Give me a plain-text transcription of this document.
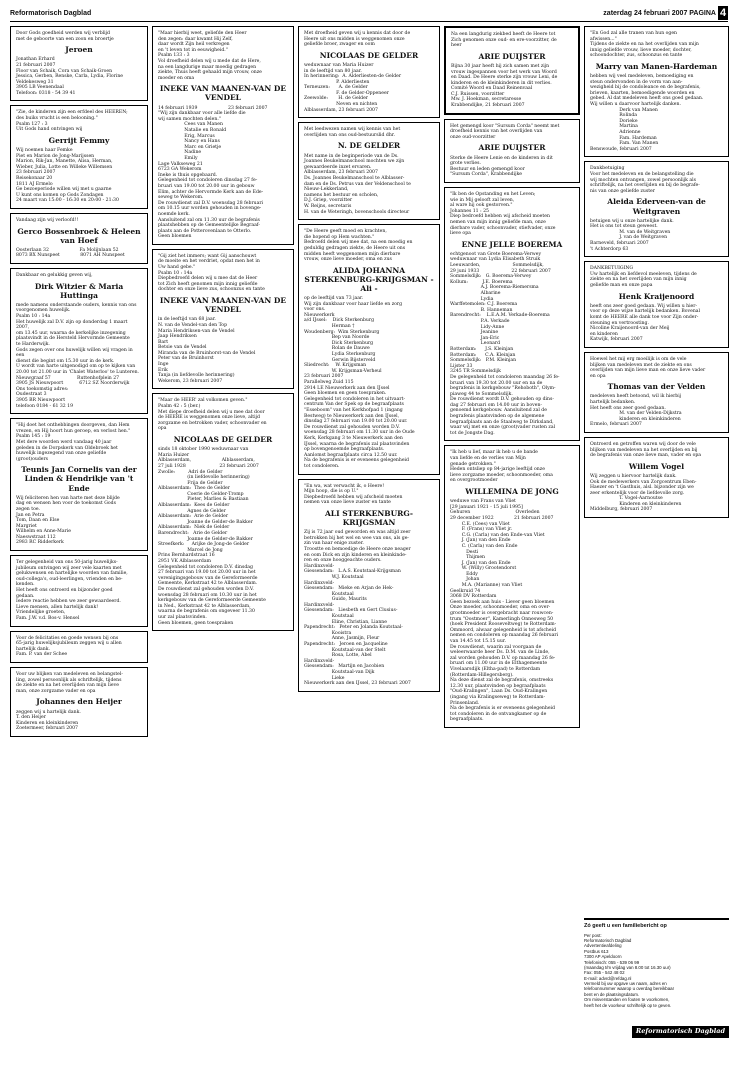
Reformatorisch Dagblad	zaterdag 24 februari 2007 PAGINA 4
Door Gods goedheid werden wij verblijd
met de geboorte van een zoon en broertje
Jeroen
Jonathan Erhard
21 februari 2007
Floor van Schaik, Cora van Schaik-Groen
Jessica, Gerben, Renske, Carla, Lydia, Florine
Veldekesweg 31
3905 LB Veenendaal
Telefoon: 0318 - 54 39 41
"Zie, de kinderen zijn een erfdeel des HEEREN;
des buiks vrucht is een belooning."
Psalm 127 : 3
Uit Gods hand ontvingen wij
Gerrijt Femmy
Wij noemen haar Femke
Piet en Marion de Jong-Marijssen
Marion, Rik-Jan, Manette, Alisa, Herman,
Wieber, Julia, Lotte en Willeke Willemsen
23 februari 2007
Reisekonaar 20
1811 AJ Ermelo
Ge bezoeperiode willen wij met u gaarne
U kunt ons komen op Gods Zondagen
24 maart van 15:00 - 16:30 en 20:00 - 21:30
Vandaag zijn wij verloofd!!
Gerco Bossenbroek & Heleen van Hoef
Oosterlaan 32                     Fa Molijnlaan 52
8073 BX Nunspeet              8071 AH Nunspeet
Dankbaar en gelukkig geven wij,
Dirk Witzier & Maria Huttinga
mede namens onderstaande ouders, kennis van ons
voorgenomen huwelijk.
Psalm 10 : 14a
Het huwelijk zal D.V. zijn op donderdag 1 maart 2007,
om 13.45 uur, waarna de kerkelijke inzegening
plaatsvindt in de Hersteld Hervormde Gemeente
te Harderwijk.
Gods zegen over ons huwelijk willen wij vragen in een
dienst die begint om 15.30 uur in de kerk.
U wordt van harte uitgenodigd om op te kijken van
20.00 tot 21.00 uur in 'Chalet Waterloo' te Lunteren.
Nieuwgraaf 57                  Ruttenhofplein 27
3905 JS Nieuwpoort           6712 SZ Noorderwijk
Ons toekomstig adres:
Oudestraat 3
3905 BR Nieuwpoort
telefoon 0184 - 61 32 19
"Hij doet het onthebbingen doorgeven, dan Hem
vrezen, en Hij hoort hun geroep, en verlost hen."
Psalm 145 : 19
Met dere woorden werd vandaag 40 jaar
geleden in de Dorpskerk van Oldebroek het
huwelijk ingezegend van onze geliefde
(groot)ouders
Teunis Jan Cornelis van der Linden & Hendrikje van 't Ende
Wij feliciteren hen van harte met deze blijde
dag en wensen hen voor de toekomst Gods
zegen toe.
Jan en Petra
Tom, Daan en Else
Margriet
Wilhelm en Anne-Marie
Naeswstraat 112
2983 RC Ridderkerk
Ter gelegenheid van ons 50-jarig huwelijks-
jubileum ontvingen wij zeer vele kaarten met
gelukwensen en hartelijke woorden van familie,
oud-collega's, oud-leerlingen, vrienden en be-
kenden.
Het heeft ons ontroerd en bijzonder goed
gedaan.
Iedere reactie hebben we zeer gewaardeerd.
Lieve mensen, allen hartelijk dank!
Vriendelijke groeten,
Fam. J.W. v.d. Bos-v. Hensel
Voor de felicitaties en goede wensen bij ons
65-jarig huwelijksjubileum zeggen wij u allen
hartelijk dank.
Fam. P. van der Schee
Voor uw blijken van medeleven en belangstel-
ling, zowel persoonlijk als schriftelijk, tijdens
de ziekte en na het overlijden van mijn lieve
man, onze zorgzame vader en opa
Johannes den Heijer
zeggen wij u hartelijk dank.
T. den Heijer
Kinderen en kleinkinderen
Zoetermeer, februari 2007
"Maar hierbij weet, geliefde den Heer
den zegen: daar kwamt Hij Zelf,
daar wordt Zijn heil verkregen
en 't leven tot in eeuwigheid."
Psalm 133 : 3
Vol droefheid delen wij u mede dat de Here,
na een langdurige maar moedig gedragen
ziekte, Thuis heeft gehaald mijn vrouw, onze
moeder en oma
INEKE VAN MAANEN-VAN DE VENDEL
14 februari 1939                     23 februari 2007
"Wij zijn dankbaar voor alle liefde die
wij samen mochten delen."
Cees van Manen
Natalie en Ronald
Erig, Marcus
Nancy en Hans
Marc en Grietje
Nadine
Emily
Lage Valkseweg 21
6723 GA Wekerom
Ineke is thuis opgebaard.
Gelegenheid tot condoleren dinsdag 27 fe-
bruari van 19.00 tot 20.00 uur in gebouw
Elim, achter de Hervormde Kerk aan de Ede-
seweg te Wekerom.
De rouwdienst zal D.V. woensdag 28 februari
om 10.15 uur worden gehouden in bovenge-
noemde kerk.
Aansluitend zal om 11.30 uur de begrafenis
plaatshebben op de Gemeentelijke Begraaf-
plaats aan de Potterovenlaan te Otterlo.
Geen bloemen
"Gij ziet het immers; want Gij aanschouwt
de moeite en het verdriet, opdat men het in
Uw hand gebe."
Psalm 10 : 14a
Diepbedroefd delen wij u mee dat de Heer
tot Zich heeft genomen mijn innig geliefde
dochter en onze lieve zus, schoonzus en tante
INEKE VAN MAANEN-VAN DE VENDEL
in de leeftijd van 68 jaar.
N. van de Vendel-van den Top
Maria Hendriksen-van de Vendel
Jaap Hendriksen
Bart
Betsie van de Vendel
Miranda van de Bruinhorst-van de Vendel
Peter van de Bruinhorst
Inge
Erik
Tanja (in liefdevolle herinnering)
Wekerom, 23 februari 2007
"Maar de HEER' zal volkomen geven."
Psalm 42 : 5 (ber.)
Met diepe droefheid delen wij u mee dat door
de HEERE is weggenomen onze lieve, altijd
zorgzame en betrokken vader, schoonvader en
opa
NICOLAAS DE GELDER
sinds 18 oktober 1990 weduwnaar van
Maria Huizer
Alblasserdam,                     Alblasserdam,
27 juli 1928                       23 februari 2007
Zwolle:         Adri de Gelder
(in liefdevolle herinnering)
Frija de Gelder
Alblasserdam:  Theo de Gelder
Coerie de Gelder-Tromp
Pieter, Marlies & Bastiaan
Alblasserdam:  Kees de Gelder
Agnes de Gelder
Alblasserdam:  Arie de Gelder
Joanne de Gelder-de Bakker
Alblasserdam:  Niek de Gelder
Barendrecht:   Arie de Gelder
Joanne de Gelder-de Bakker
Streefkerk:     Arijke de Jong-de Gelder
Marcel de Jong
Prins Bernhardstraat 16
2951 VK Alblasserdam
Gelegenheid tot condoleren D.V. dinsdag
27 februari van 19.00 tot 20.00 uur in het
verenigingsgebouw van de Gereformeerde
Gemeente, Kerkstraat 42 te Alblasserdam.
De rouwdienst zal gehouden worden D.V.
woensdag 28 februari om 10.30 uur in het
kerkgebouw van de Gereformeerde Gemeente
in Ned., Kerkstraat 42 te Alblasserdam,
waarna de begrafenis om ongeveer 11.30
uur zal plaatsvinden.
Geen bloemen, geen toespraken
Met droefheid geven wij u kennis dat door de
Heere uit ons midden is weggenomen onze
geliefde broer, zwager en oom
NICOLAAS DE GELDER
weduwnaar van Maria Huizer
in de leeftijd van 80 jaar.
In herinnering:  A. Alderliesten-de Gelder
P. Alderliesten
Terneuzen:      A. de Gelder
F. de Gelder-Oppeneer
Zeewolde:       H. de Gelder
Neven en nichten
Alblasserdam, 23 februari 2007
Met leedwezen namen wij kennis van het
overlijden van ons oud-bestuurslid dhr.
N. DE GELDER
Met name in de beginperiode van de Ds.
Joannes Beukelmanschool mochten we zijn
gewaardeerde inzet ervaren.
Alblasserdam, 23 februari 2007
Ds. Joannes Beukelmanschool te Alblasser-
dam en de Ds. Petrus van der Veldenschool te
Nieuw-Lekkerland,
namens het bestuur en scholen,
D.J. Griep, voorzitter
W. Reijns, secretaris
H. van de Weteringh, bovenschools directeur
"De Heere geeft moed en krachten,
die hopend op Hem wachten."
Bedroefd delen wij mee dat, na een moedig en
geduldig gedragen ziekte, de Heere uit ons
midden heeft weggenomen mijn dierbare
vrouw, onze lieve moeder, oma en zus
ALIDA JOHANNA STERKENBURG-KRIJGSMAN - Ali -
op de leeftijd van 73 jaar.
Wij zijn dankbaar voor haar liefde en zorg
voor ons.
Nieuwerkerk
a/d IJssel:    Dick Sterkenburg
Herman †
Woudenberg:  Wim Sterkenburg
Bep van Noorde
Dick Sterkenburg
Rolan de Dauwe
Lydia Sterkenburg
Gerwin Bijsterveld
Sliedrecht:    W. Krijgsman
W. Krijgsman-Verheul
23 februari 2007
Parallelweg Zuid 115
2914 LE Nieuwerkerk aan den IJssel
Geen bloemen en geen toespraken.
Gelegenheid tot condoleren in het uitvaart-
centrum Van der Spek op de begraafplaats
"Esseboom" van het Kerkhofpad 1 (ingang
Bestweg) te Nieuwerkerk aan den IJssel,
dinsdag 27 februari van 19.00 tot 20.00 uur.
De rouwdienst zal gehouden worden D.V.
woensdag 28 februari om 11.30 uur in de Oude
Kerk, Kerkgang 3 te Nieuwerkerk aan den
IJssel, waarna de begrafenis zal plaatsvinden
op bovengenoemde begraafplaats.
Aanlomst begraafplaats circa 12.50 uur.
Na de begrafenis is er eveneens gelegenheid
tot condoleren.
"En wa, wat verwacht ik, o Heere!
Mijn hoop, die is op U."
Diepbedroefd hebben wij afscheid moeten
nemen van onze lieve zuster en tante
ALI STERKENBURG-KRIJGSMAN
Zij is 72 jaar oud geworden en was altijd zeer
betrokken bij het wel en wee van ons, als ge-
zin van haar enige zuster.
Troostte en bemoedige de Heere onze neager
en oom Dick en zijn kinderen en kleinkinde-
ren en onze hooggeachte ouders.
Hardinxveld-
Giessendam:   L.A.S. Koutstaal-Krijgsman
W.J. Koutstaal
Hardinxveld-
Giessendam:   Mieke en Arjan de Hek-
Koutstaal
Guido, Maurits
Hardinxveld-
Giessendam:   Liesbeth en Gert Clusius-
Koutstaal
Eline, Christian, Lianne
Papendrecht:   Peter en Jolanda Koutstaal-
Kooistra
Anne, Jasmijn, Fleur
Papendrecht:   Jeroen en Jacqueline
Koutstaal-van der Stelt
Rosa, Lotte, Abel
Hardinxveld-
Giessendam:   Martijn en Jacobien
Koutstaal-van Dijk
Lieke
Nieuwerkerk aan den IJssel, 23 februari 2007
Na een langdurig ziekbed heeft de Heere tot
Zich genomen onze oud- en ere-voorzitter, de
heer
ARIE DUIJSTER
Bijna 30 jaar heeft hij zich samen met zijn
vrouw ingespannen voor het werk van Woord
en Daad. De Heere sterke zijn vrouw Leni, de
kinderen en de kleinkinderen in dit verlies.
Comité Woord en Daad Reinenvaal
C.J. Ruissen, voorzitter
Mw. J. Hoekman, secretaresse
Krabbendijke, 21 februari 2007
Het gemengd koor "Sursum Corda" neemt met
droefheid kennis van het overlijden van
onze oud-voorzitter
ARIE DUIJSTER
Sterke de Heere Lenie en de kinderen in dit
grote verlies.
Bestuur en leden gemengd koor
"Sursum Corda", Krabbendijke
"Ik ben de Opstanding en het Leven;
wie in Mij gelooft zal leven,
al ware hij ook gestorven."
Johannes 11 : 25
Diep bedroefd hebben wij afscheid moeten
nemen van mijn innig geliefde man, onze
dierbare vader, schoonvader, stiefvader, onze
lieve opa
ENNE JELLE BOEREMA
echtgenoot van Grete Boerema-Verwey
weduwnaar van Lydia Elisabeth Struik
Leeuwarden,                      Sommelsdijk,
29 juni 1933                      22 februari 2007
Sommelsdijk:   G. Boerema-Verwey
Kollum:          J.E. Boerema
A.J. Boerema-Riemersma
Albarine
Lydia
Warffetemolen: C.J. Boerema
B. Hanneman
Barendrecht:    L.E.A.M. Verkade-Boerema
P.A. Verkade
Lidy-Anne
Jeanine
Jan-Eric
Leonard
Rotterdam:      J.S. Kleinjan
Rotterdam:      C.A. Kleinjan
Sommelsdijk:   P.M. Kleinjan
Lijster 33
3245 TR Sommelsdijk
De gelegenheid tot condoleren maandag 26 fe-
bruari van 19.30 tot 20.00 uur en na de
begrafenis in kerkgebouw "Rehoboth", Olym-
piaweg 44 te Sommelsdijk.
De rouwdienst wordt D.V. gehouden op dins-
dag 27 februari om 14.00 uur in boven-
genoemd kerkgebouw. Aansluitend zal de
begrafenis plaatsvinden op de algemene
begraafplaats aan de Staalweg te Dirksland,
waar wij met en onze (groot)vader rusten zal
tot de Jongste Dag.
"Ik heb u lief, maar ik heb u de bande
van liefde en de verlies van Mijn
genade getrokken."
Heden ontsliep op 84-jarige leeftijd onze
lieve zorgzame moeder, schoonmoeder, oma
en overgrootmoeder
WILLEMINA DE JONG
weduwe van Frans van Vliet
[29 januari 1921 - 15 juli 1995]
Gehuren                               Overleden
29 december 1922              21 februari 2007
C.E. (Cees) van Vliet
F. (Frans) van Vliet jr.
C.G. (Carla) van den Ende-van Vliet
J. (Jan) van den Ende
C. (Carla) van den Ende
Desti
Thijmen
J. (Jan) van den Ende
W. (Willy) Grootendorst
Eddy
Johan
M.A. (Marianne) van Vliet
Geelkruid 74
3068 DV Rotterdam
Geen bezoek aan huis - Liever geen bloemen
Onze moeder, schoonmoeder, oma en over-
grootmoeder is overgebracht naar rouwcen-
trum "Oostmoer", Kamerlingh Onnesweg 50
(hoek President Rooseveltweg) te Rotterdam-
Ommoord, alwaar gelegenheid is tot afscheid
nemen en condoleren op maandag 26 februari
van 14.45 tot 15.15 uur.
De rouwdienst, waarin zal voorgaan de
weleerwaarde heer Ds. D.M. van de Linde,
zal worden gehouden D.V. op maandag 26 fe-
bruari om 11.00 uur in de Elthagemeente
Vivelaarsdijk (Eltha-pad) te Rotterdam
(Rotterdam-Hillegersberg).
Na deze dienst zal de begrafenis, omstreeks
12.30 uur, plaatsvinden op begraafplaats
"Oud-Kralingen", Laan Ds. Oud-Kralingen
(ingang via Kralingseweg) te Rotterdam-
Prinsenland.
Na de begrafenis is er eveneens gelegenheid
tot condoleren in de ontvangkamer op de
begraafplaats.
"En God zal alle tranen van hun ogen
afwissen..."
Tijdens de ziekte en na het overlijden van mijn
innig geliefde vrouw, lieve moeder, dochter,
schoondochter, zus, schoonzus en tante
Marry van Manen-Hardeman
hebben wij veel medeleven, bemoediging en
steun ondervonden in de vorm van aan-
wezigheid bij de condoleance en de begrafenis,
brieven, kaarten, bemoedigende woorden en
gebed. Al dat medeleven heeft ons goed gedaan.
Wij willen u daarvoor hartelijk danken.
Derk van Manen
Rolinda
Dorieke
Martina
Adrienne
Fam. Hardeman
Fam. Van Manen
Benswoude, februari 2007
Dankbetuiging
Voor het medeleven en de belangstelling die
wij mochten ontvangen, zowel persoonlijk als
schriftelijk, na het overlijden en bij de begrafe-
nis van onze geliefde zuster
Aleida Ederveen-van de Weitgraven
betuigen wij u onze hartelijke dank.
Het is ons tot steun geweest.
M. van de Weitgraven
J. van de Weitgraven
Barneveld, februari 2007
't Achterdorp 63
DANKBETUIGING
Uw hartelijk en liefdevol meeleven, tijdens de
ziekte en na het overlijden van mijn innig
geliefde man en onze papa
Henk Kraijenoord
heeft ons zeer goed gedaan. Wij willen u hier-
voor op deze wijze hartelijk bedanken. Bovenal
komt de HEERE alle dank toe voor Zijn onder-
steuning en vertroosting.
Nicoline Kraijenoord-van der Meij
en kinderen
Katwijk, februari 2007
Hoewel het mij erg moeilijk is om de vele
blijken van medeleven met de ziekte en ons
overlijden van mijn lieve man en onze lieve vader
en opa
Thomas van der Velden
medeleven heeft betoond, wil ik hierbij
hartelijk bedanken.
Het heeft ons zeer goed gedaan.
M. van der Velden-Dijkstra
kinderen en kleinkinderen
Ermelo, februari 2007
Ontroerd en getroffen waren wij door de vele
blijken van medeleven na het overlijden en bij
de begrafenis van onze lieve man, vader en opa
Willem Vogel
Wij zeggen u hiervoor hartelijk dank.
Ook de medewerkers van Zorgcentrum Eben-
Haezer en 't Gasthuis, alsl. bijzonder zijn we
zeer erkentelijk voor de liefdevolle zorg.
T. Vogel-Aarnoutse
Kinderen en kleinkinderen
Middelburg, februari 2007
Zó geeft u een familiebericht op
Per post:
Reformatorisch Dagblad
Advertentieafdeling
Postbus 613
7300 AP Apeldoorn
Telefonisch: 055 - 539 06 99
(maandag t/m vrijdag van 8.00 tot 16.30 uur)
Fax: 055 - 542 48 02
E-mail: advrd@refdag.nl
Vermeld bij uw opgave uw naam, adres en
telefoonnummer waarop u overdag bereikbaar
bent en de plaatsingsdatum.
Om misverstanden en fouten te voorkomen,
heeft het de voorkeur schriftelijk op te geven.
Reformatorisch Dagblad
